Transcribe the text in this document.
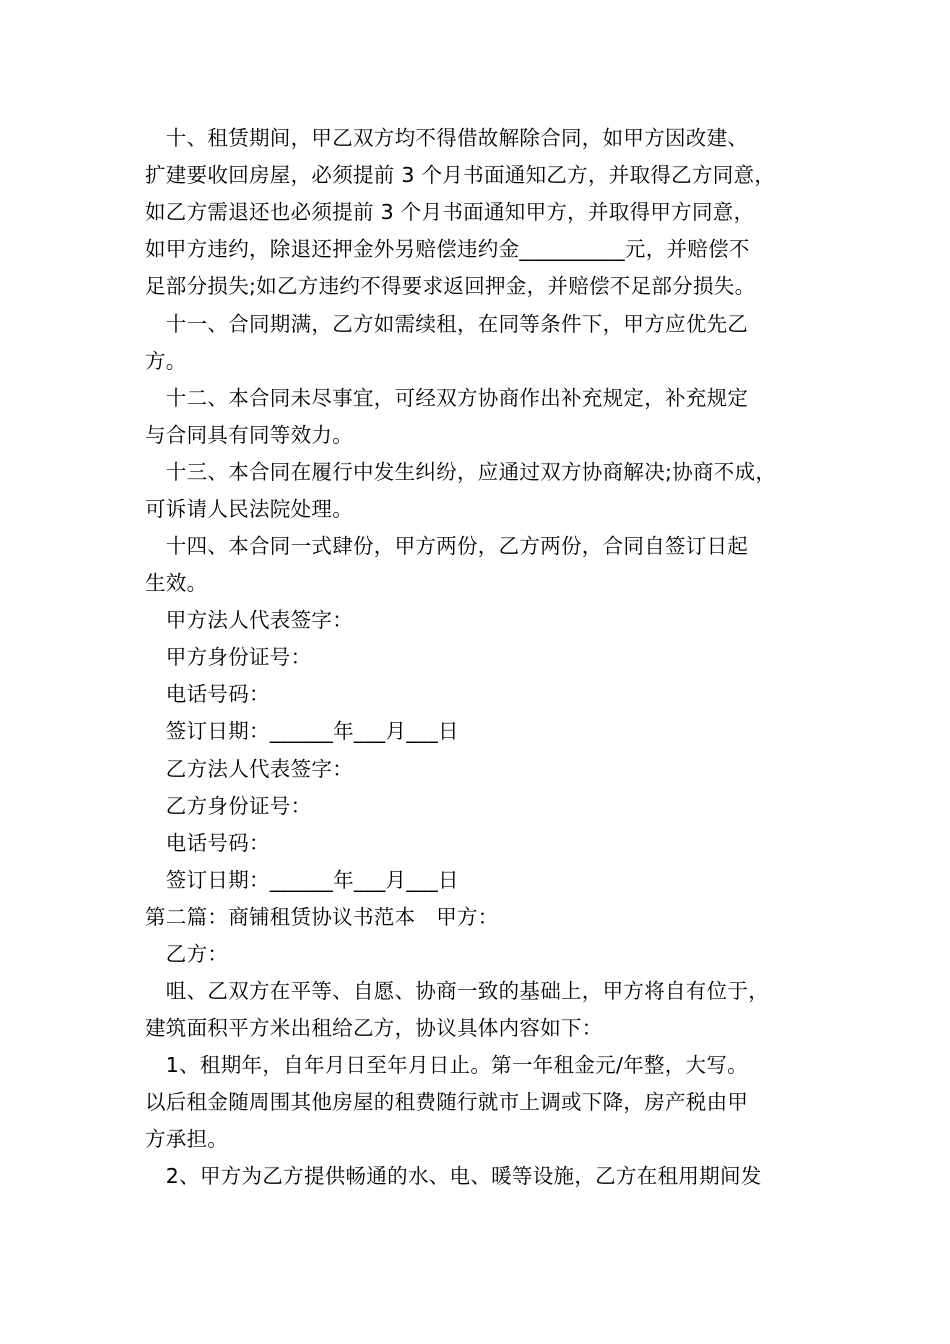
　十、租赁期间，甲乙双方均不得借故解除合同，如甲方因改建、
扩建要收回房屋，必须提前 3 个月书面通知乙方，并取得乙方同意，
如乙方需退还也必须提前 3 个月书面通知甲方，并取得甲方同意，
如甲方违约，除退还押金外另赔偿违约金__________元，并赔偿不
足部分损失;如乙方违约不得要求返回押金，并赔偿不足部分损失。
　十一、合同期满，乙方如需续租，在同等条件下，甲方应优先乙
方。
　十二、本合同未尽事宜，可经双方协商作出补充规定，补充规定
与合同具有同等效力。
　十三、本合同在履行中发生纠纷，应通过双方协商解决;协商不成，
可诉请人民法院处理。
　十四、本合同一式肆份，甲方两份，乙方两份，合同自签订日起
生效。
　甲方法人代表签字：
　甲方身份证号：
　电话号码：
　签订日期：______年___月___日
　乙方法人代表签字：
　乙方身份证号：
　电话号码：
　签订日期：______年___月___日
第二篇：商铺租赁协议书范本　甲方：
　乙方：
　咀、乙双方在平等、自愿、协商一致的基础上，甲方将自有位于，
建筑面积平方米出租给乙方，协议具体内容如下：
　1、租期年，自年月日至年月日止。第一年租金元/年整，大写。
以后租金随周围其他房屋的租费随行就市上调或下降，房产税由甲
方承担。
　2、甲方为乙方提供畅通的水、电、暖等设施，乙方在租用期间发
